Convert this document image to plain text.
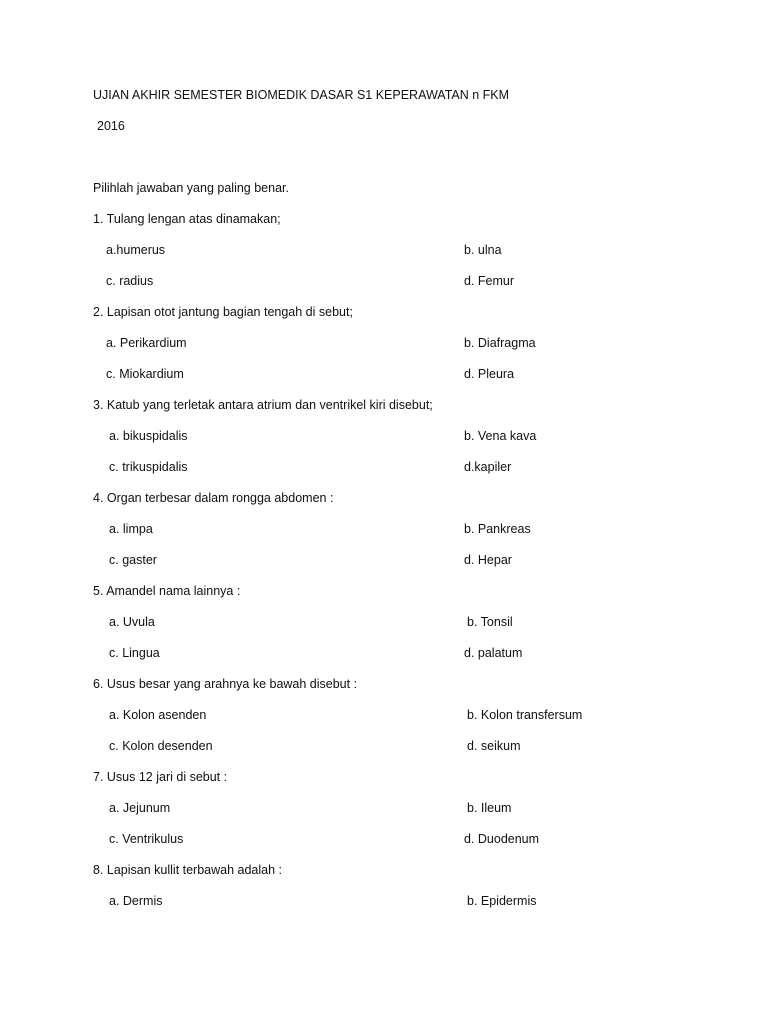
UJIAN AKHIR SEMESTER BIOMEDIK DASAR S1 KEPERAWATAN n FKM
2016
Pilihlah jawaban yang paling benar.
1. Tulang lengan atas dinamakan;
a.humerus	b. ulna
c. radius	d. Femur
2. Lapisan otot jantung bagian tengah di sebut;
a. Perikardium	b. Diafragma
c. Miokardium	d. Pleura
3. Katub yang terletak antara atrium dan ventrikel kiri disebut;
a. bikuspidalis	b. Vena kava
c. trikuspidalis	d.kapiler
4. Organ terbesar dalam rongga abdomen :
a. limpa	b. Pankreas
c. gaster	d. Hepar
5. Amandel nama lainnya :
a. Uvula	b. Tonsil
c. Lingua	d. palatum
6. Usus besar yang arahnya ke bawah disebut :
a. Kolon asenden	b. Kolon transfersum
c. Kolon desenden	d. seikum
7. Usus 12 jari di sebut :
a. Jejunum	b. Ileum
c. Ventrikulus	d. Duodenum
8. Lapisan kullit terbawah adalah :
a. Dermis	b. Epidermis
